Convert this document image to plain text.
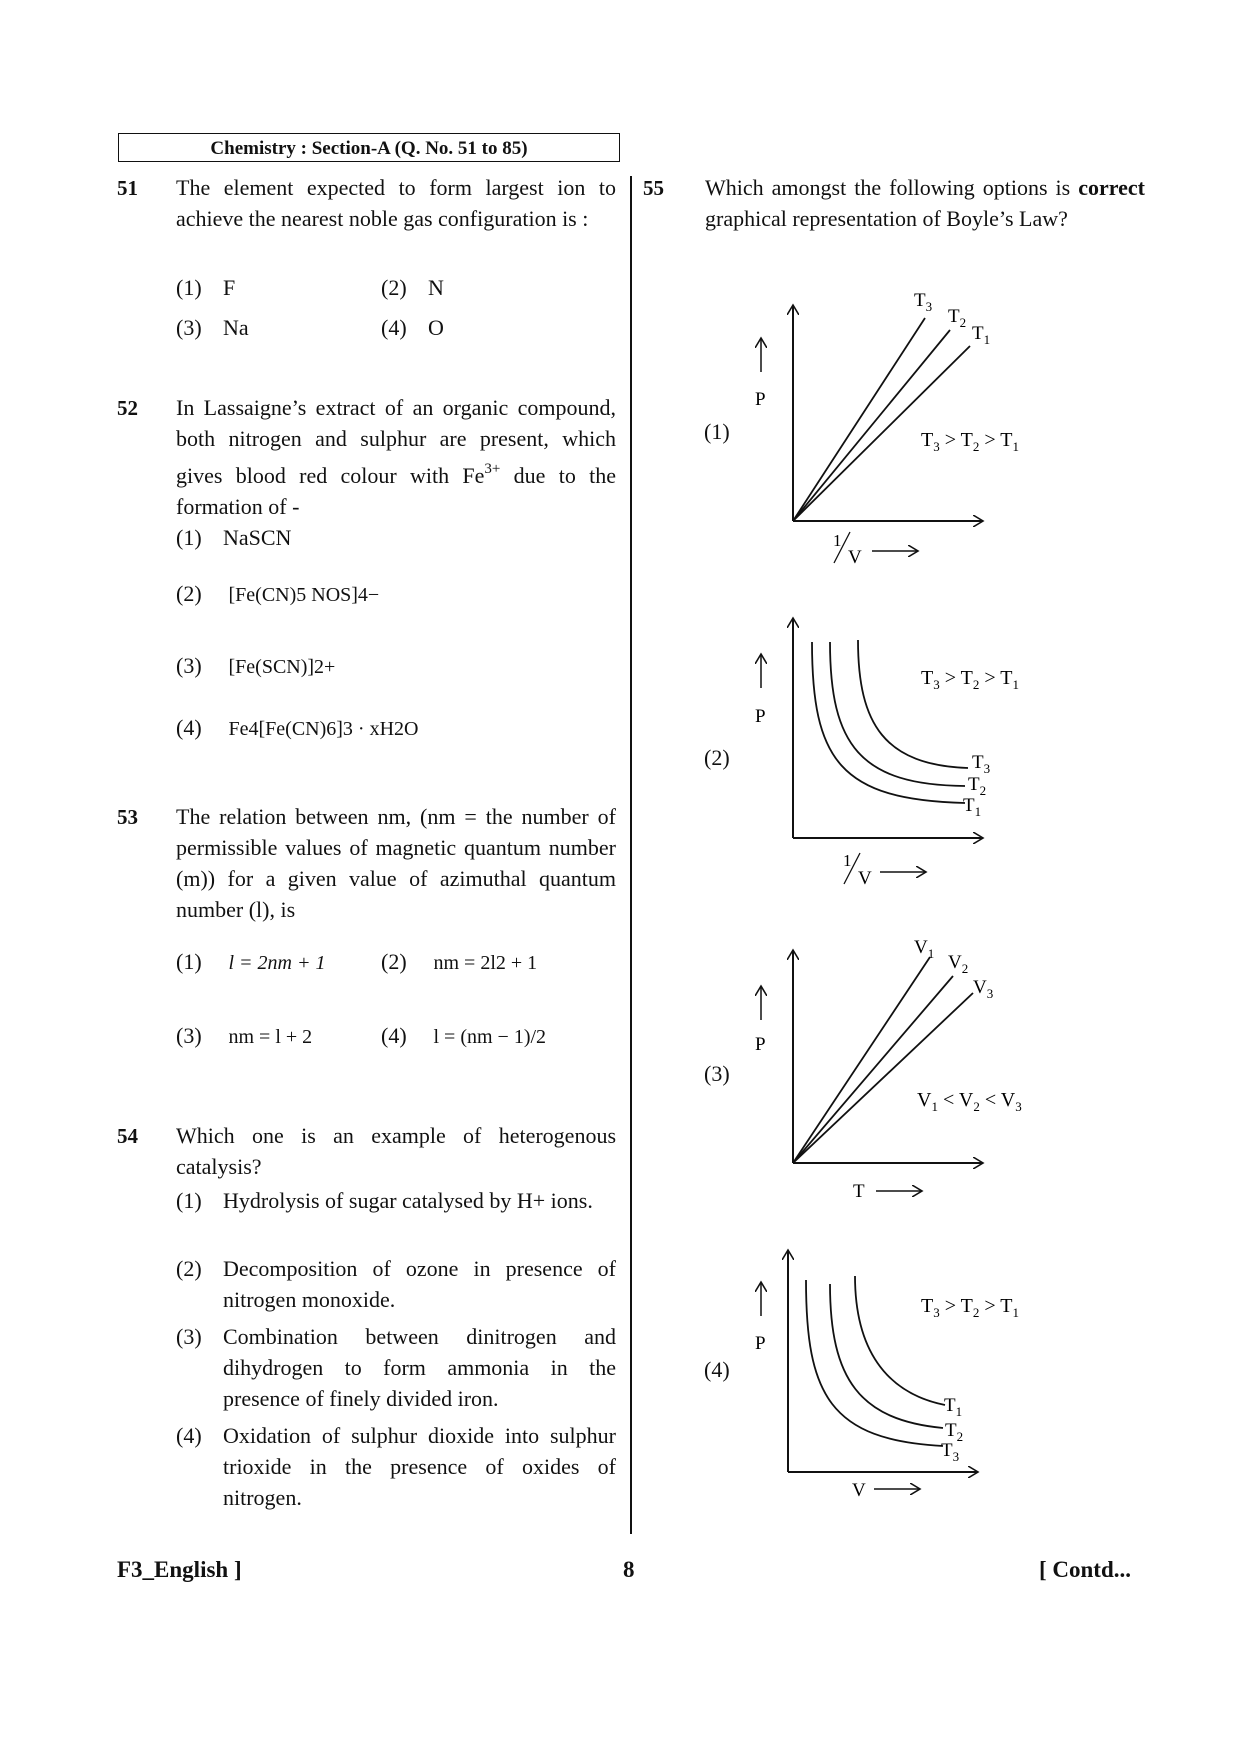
Chemistry : Section-A (Q. No. 51 to 85)
51 The element expected to form largest ion to achieve the nearest noble gas configuration is :
(1) F	(2) N
(3) Na	(4) O
52 In Lassaigne’s extract of an organic compound, both nitrogen and sulphur are present, which gives blood red colour with $Fe^{3+}$ due to the formation of -
(1) NaSCN
(2) [Fe(CN)5 NOS]4−
(3) [Fe(SCN)]2+
(4) Fe4[Fe(CN)6]3 · xH2O
53 The relation between nm, (nm = the number of permissible values of magnetic quantum number (m)) for a given value of azimuthal quantum number (l), is
(1) l = 2nm + 1	(2) nm = 2l2 + 1
(3) nm = l + 2	(4) l = (nm − 1)/2
54 Which one is an example of heterogenous catalysis?
(1) Hydrolysis of sugar catalysed by H+ ions.
(2) Decomposition of ozone in presence of nitrogen monoxide.
(3) Combination between dinitrogen and dihydrogen to form ammonia in the presence of finely divided iron.
(4) Oxidation of sulphur dioxide into sulphur trioxide in the presence of oxides of nitrogen.
55 Which amongst the following options is correct graphical representation of Boyle’s Law?
(1)
(2)
(3)
(4)
P
$T_3$ $T_2$
$T_1$
$T_3 > T_2 > T_1$
1
V
P
$T_3$
$T_2$
$T_1$
$T_3 > T_2 > T_1$
1
V
P
$V_1$ $V_2$
$V_3$
$V_1 < V_2 < V_3$
T
P
$T_1$
$T_2$
$T_3$
$T_3 > T_2 > T_1$
V
F3_English ]	8	[ Contd...
